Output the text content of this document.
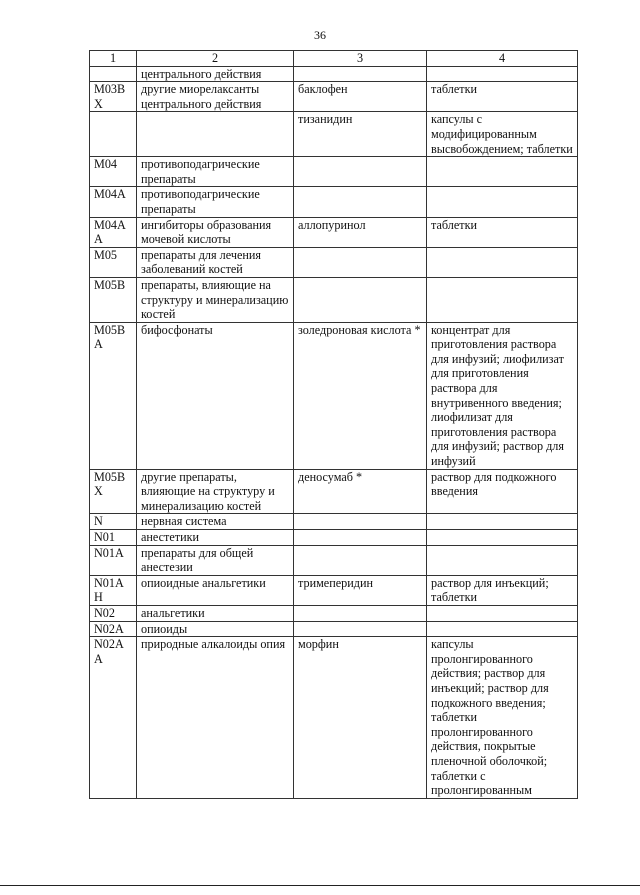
36
1	2	3	4
	центрального действия		
M03BX	другие миорелаксанты центрального действия	баклофен	таблетки
		тизанидин	капсулы с модифицированным высвобождением; таблетки
M04	противоподагрические препараты		
M04A	противоподагрические препараты		
M04AA	ингибиторы образования мочевой кислоты	аллопуринол	таблетки
M05	препараты для лечения заболеваний костей		
M05B	препараты, влияющие на структуру и минерализацию костей		
M05BA	бифосфонаты	золедроновая кислота *	концентрат для приготовления раствора для инфузий; лиофилизат для приготовления раствора для внутривенного введения; лиофилизат для приготовления раствора для инфузий; раствор для инфузий
M05BX	другие препараты, влияющие на структуру и минерализацию костей	деносумаб *	раствор для подкожного введения
N	нервная система		
N01	анестетики		
N01A	препараты для общей анестезии		
N01AH	опиоидные анальгетики	тримеперидин	раствор для инъекций; таблетки
N02	анальгетики		
N02A	опиоиды		
N02AA	природные алкалоиды опия	морфин	капсулы пролонгированного действия; раствор для инъекций; раствор для подкожного введения; таблетки пролонгированного действия, покрытые пленочной оболочкой; таблетки с пролонгированным
